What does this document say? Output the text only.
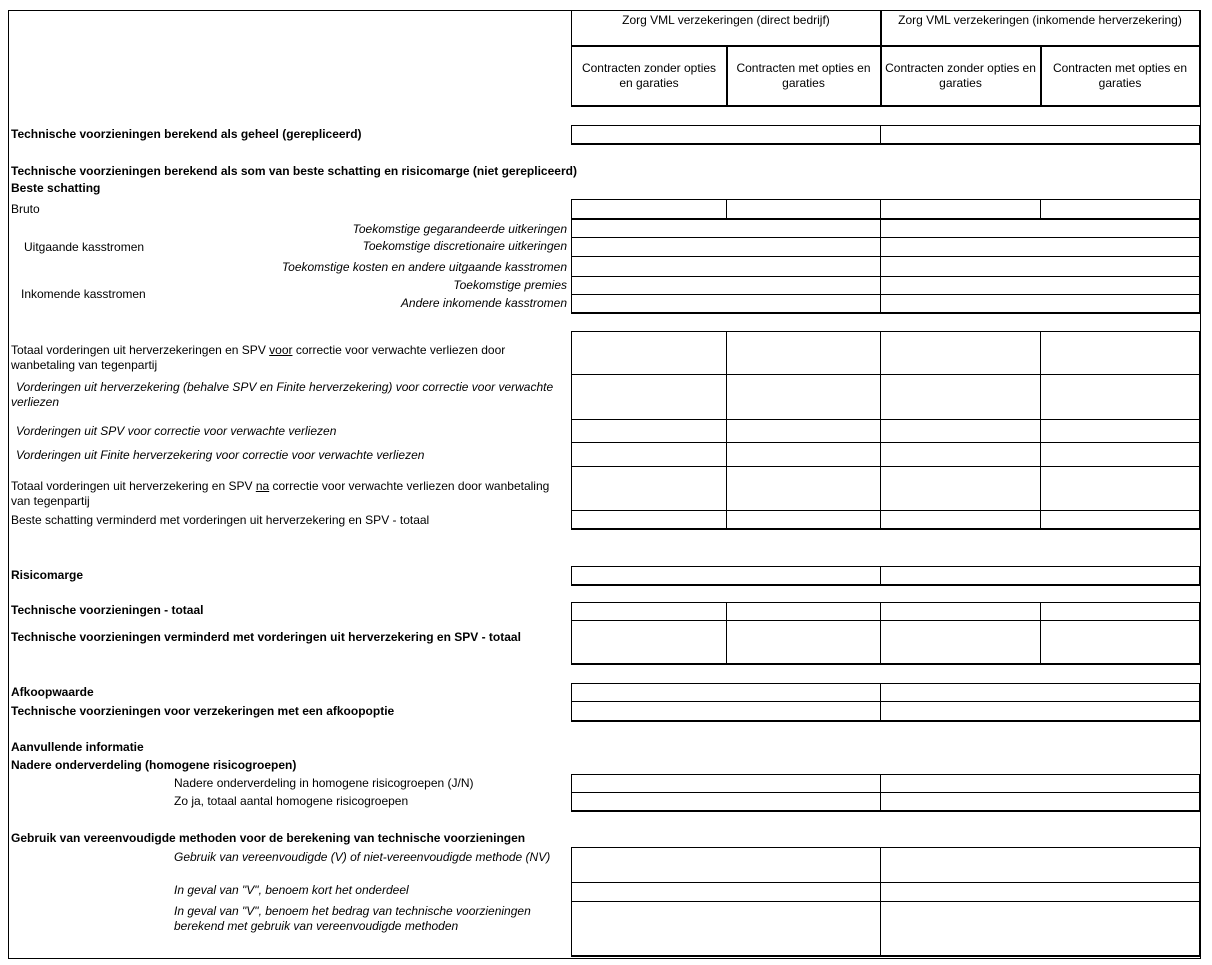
Zorg VML verzekeringen (direct bedrijf)	Zorg VML verzekeringen (inkomende herverzekering)
Contracten zonder opties en garaties
Contracten met opties en garaties
Contracten zonder opties en garaties
Contracten met opties en garaties
Technische voorzieningen berekend als geheel (gerepliceerd)
Technische voorzieningen berekend als som van beste schatting en risicomarge (niet gerepliceerd)
Beste schatting
Bruto
Uitgaande kasstromen
Inkomende kasstromen
Toekomstige gegarandeerde uitkeringen
Toekomstige discretionaire uitkeringen
Toekomstige kosten en andere uitgaande kasstromen
Toekomstige premies
Andere inkomende kasstromen
Totaal vorderingen uit herverzekeringen en SPV voor correctie voor verwachte verliezen door wanbetaling van tegenpartij
Vorderingen uit herverzekering (behalve SPV en Finite herverzekering) voor correctie voor verwachte verliezen
Vorderingen uit SPV voor correctie voor verwachte verliezen
Vorderingen uit Finite herverzekering voor correctie voor verwachte verliezen
Totaal vorderingen uit herverzekering en SPV na correctie voor verwachte verliezen door wanbetaling van tegenpartij
Beste schatting verminderd met vorderingen uit herverzekering en SPV - totaal
Risicomarge
Technische voorzieningen - totaal
Technische voorzieningen verminderd met vorderingen uit herverzekering en SPV - totaal
Afkoopwaarde
Technische voorzieningen voor verzekeringen met een afkoopoptie
Aanvullende informatie
Nadere onderverdeling (homogene risicogroepen)
Nadere onderverdeling in homogene risicogroepen (J/N)
Zo ja, totaal aantal homogene risicogroepen
Gebruik van vereenvoudigde methoden voor de berekening van technische voorzieningen
Gebruik van vereenvoudigde (V) of niet-vereenvoudigde methode (NV)
In geval van "V", benoem kort het onderdeel
In geval van "V", benoem het bedrag van technische voorzieningen berekend met gebruik van vereenvoudigde methoden
